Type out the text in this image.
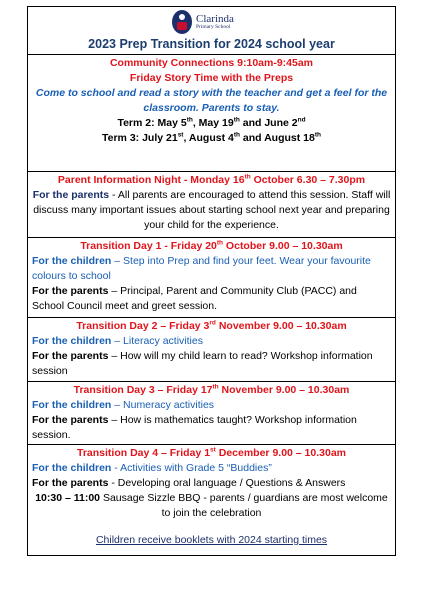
Clarinda
Primary School
2023 Prep Transition for 2024 school year
Community Connections 9:10am-9:45am
Friday Story Time with the Preps
Come to school and read a story with the teacher and get a feel for the classroom. Parents to stay.
Term 2: May 5th, May 19th and June 2nd
Term 3: July 21st, August 4th and August 18th
Parent Information Night - Monday 16th October 6.30 – 7.30pm
For the parents - All parents are encouraged to attend this session. Staff will discuss many important issues about starting school next year and preparing your child for the experience.
Transition Day 1 - Friday 20th October 9.00 – 10.30am
For the children – Step into Prep and find your feet. Wear your favourite colours to school
For the parents – Principal, Parent and Community Club (PACC) and School Council meet and greet session.
Transition Day 2 – Friday 3rd November 9.00 – 10.30am
For the children – Literacy activities
For the parents – How will my child learn to read? Workshop information session
Transition Day 3 – Friday 17th November 9.00 – 10.30am
For the children – Numeracy activities
For the parents – How is mathematics taught? Workshop information session.
Transition Day 4 – Friday 1st December 9.00 – 10.30am
For the children - Activities with Grade 5 “Buddies”
For the parents - Developing oral language / Questions & Answers
10:30 – 11:00 Sausage Sizzle BBQ - parents / guardians are most welcome to join the celebration
Children receive booklets with 2024 starting times
